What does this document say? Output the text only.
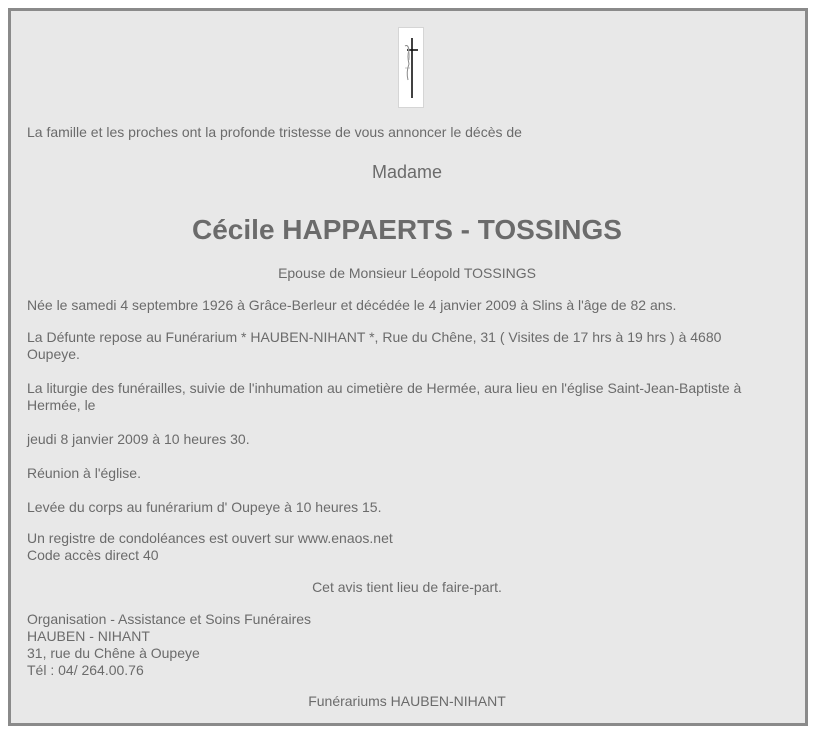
La famille et les proches ont la profonde tristesse de vous annoncer le décès de

Madame

Cécile HAPPAERTS - TOSSINGS

Epouse de Monsieur Léopold TOSSINGS

Née le samedi 4 septembre 1926 à Grâce-Berleur et décédée le 4 janvier 2009 à Slins à l'âge de 82 ans.

La Défunte repose au Funérarium * HAUBEN-NIHANT *, Rue du Chêne, 31 ( Visites de 17 hrs à 19 hrs ) à 4680

Oupeye.

La liturgie des funérailles, suivie de l'inhumation au cimetière de Hermée, aura lieu en l'église Saint-Jean-Baptiste à

Hermée, le

jeudi 8 janvier 2009 à 10 heures 30.

Réunion à l'église.

Levée du corps au funérarium d' Oupeye à 10 heures 15.

Un registre de condoléances est ouvert sur www.enaos.net

Code accès direct 40

Cet avis tient lieu de faire-part.

Organisation - Assistance et Soins Funéraires

HAUBEN - NIHANT

31, rue du Chêne à Oupeye

Tél : 04/ 264.00.76

Funérariums HAUBEN-NIHANT
